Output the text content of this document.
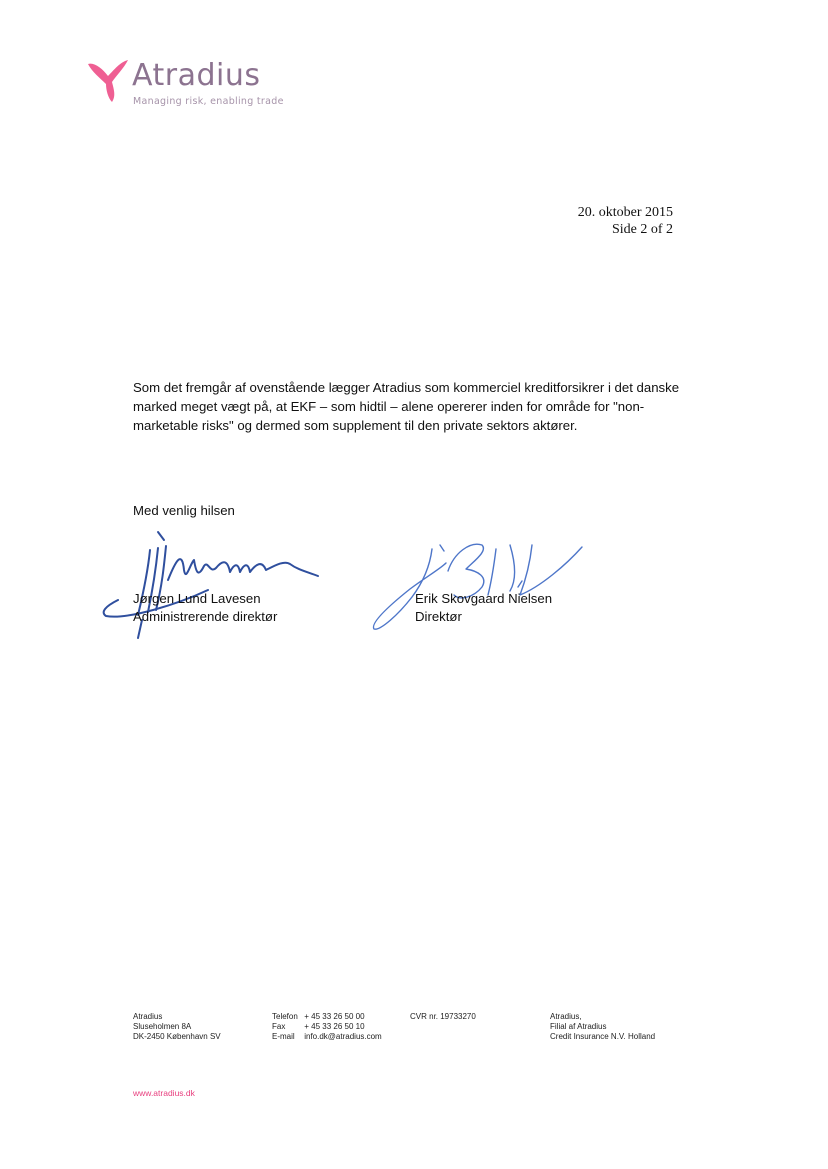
Atradius
Managing risk, enabling trade
20. oktober 2015
Side 2 of 2
Som det fremgår af ovenstående lægger Atradius som kommerciel kreditforsikrer i det danske marked meget vægt på, at EKF – som hidtil – alene opererer inden for område for "non-marketable risks" og dermed som supplement til den private sektors aktører.
Med venlig hilsen
Jørgen Lund Lavesen
Administrerende direktør
Erik Skovgaard Nielsen
Direktør
Atradius
Sluseholmen 8A
DK-2450 København SV
Telefon + 45 33 26 50 00
Fax + 45 33 26 50 10
E-mail info.dk@atradius.com
CVR nr. 19733270	Atradius,
Filial af Atradius
Credit Insurance N.V. Holland
www.atradius.dk
